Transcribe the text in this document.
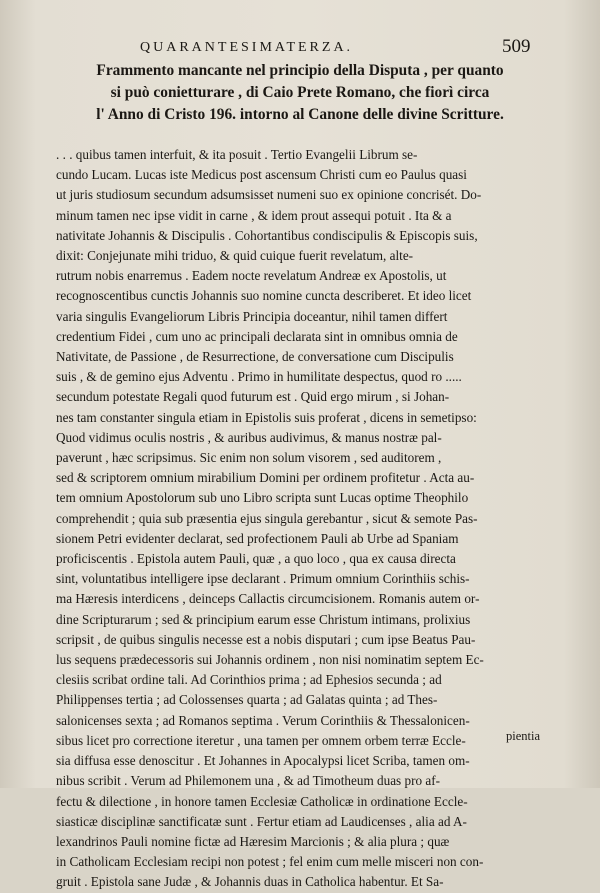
QUARANTESIMATERZA.	509
Frammento mancante nel principio della Disputa , per quanto
si può conietturare , di Caio Prete Romano, che fiorì circa
l' Anno di Cristo 196. intorno al Canone delle divine Scritture.
. . . quibus tamen interfuit, & ita posuit . Tertio Evangelii Librum se-
cundo Lucam. Lucas iste Medicus post ascensum Christi cum eo Paulus quasi
ut juris studiosum secundum adsumsisset numeni suo ex opinione concrisét. Do-
minum tamen nec ipse vidit in carne , & idem prout assequi potuit . Ita & a
nativitate Johannis & Discipulis . Cohortantibus condiscipulis & Episcopis suis,
dixit: Conjejunate mihi triduo, & quid cuique fuerit revelatum, alte-
rutrum nobis enarremus . Eadem nocte revelatum Andreæ ex Apostolis, ut
recognoscentibus cunctis Johannis suo nomine cuncta describeret. Et ideo licet
varia singulis Evangeliorum Libris Principia doceantur, nihil tamen differt
credentium Fidei , cum uno ac principali declarata sint in omnibus omnia de
Nativitate, de Passione , de Resurrectione, de conversatione cum Discipulis
suis , & de gemino ejus Adventu . Primo in humilitate despectus, quod ro .....
secundum potestate Regali quod futurum est . Quid ergo mirum , si Johan-
nes tam constanter singula etiam in Epistolis suis proferat , dicens in semetipso:
Quod vidimus oculis nostris , & auribus audivimus, & manus nostræ pal-
paverunt , hæc scripsimus. Sic enim non solum visorem , sed auditorem ,
sed & scriptorem omnium mirabilium Domini per ordinem profitetur . Acta au-
tem omnium Apostolorum sub uno Libro scripta sunt Lucas optime Theophilo
comprehendit ; quia sub præsentia ejus singula gerebantur , sicut & semote Pas-
sionem Petri evidenter declarat, sed profectionem Pauli ab Urbe ad Spaniam
proficiscentis . Epistola autem Pauli, quæ , a quo loco , qua ex causa directa
sint, voluntatibus intelligere ipse declarant . Primum omnium Corinthiis schis-
ma Hæresis interdicens , deinceps Callactis circumcisionem. Romanis autem or-
dine Scripturarum ; sed & principium earum esse Christum intimans, prolixius
scripsit , de quibus singulis necesse est a nobis disputari ; cum ipse Beatus Pau-
lus sequens prædecessoris sui Johannis ordinem , non nisi nominatim septem Ec-
clesiis scribat ordine tali. Ad Corinthios prima ; ad Ephesios secunda ; ad
Philippenses tertia ; ad Colossenses quarta ; ad Galatas quinta ; ad Thes-
salonicenses sexta ; ad Romanos septima . Verum Corinthiis & Thessalonicen-
sibus licet pro correctione iteretur , una tamen per omnem orbem terræ Eccle-
sia diffusa esse denoscitur . Et Johannes in Apocalypsi licet Scriba, tamen om-
nibus scribit . Verum ad Philemonem una , & ad Timotheum duas pro af-
fectu & dilectione , in honore tamen Ecclesiæ Catholicæ in ordinatione Eccle-
siasticæ disciplinæ sanctificatæ sunt . Fertur etiam ad Laudicenses , alia ad A-
lexandrinos Pauli nomine fictæ ad Hæresim Marcionis ; & alia plura ; quæ
in Catholicam Ecclesiam recipi non potest ; fel enim cum melle misceri non con-
gruit . Epistola sane Judæ , & Johannis duas in Catholica habentur. Et Sa-
pientia
